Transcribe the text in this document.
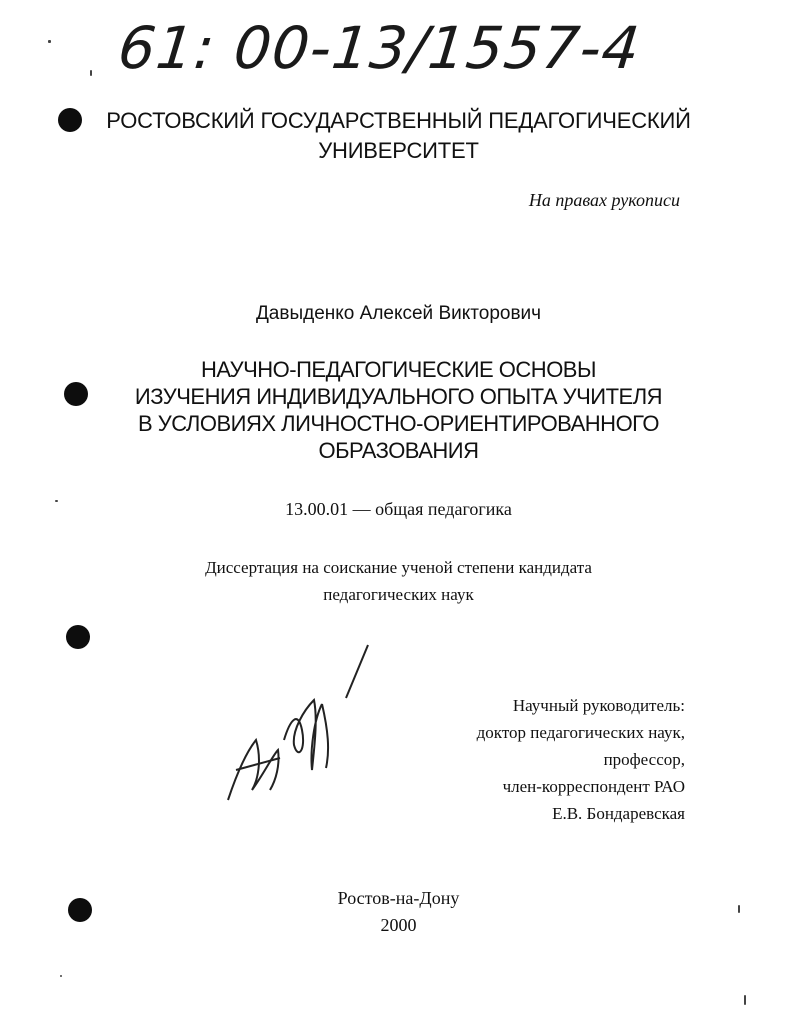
61: 00-13/1557-4
РОСТОВСКИЙ ГОСУДАРСТВЕННЫЙ ПЕДАГОГИЧЕСКИЙ
УНИВЕРСИТЕТ
На правах рукописи
Давыденко Алексей Викторович
НАУЧНО-ПЕДАГОГИЧЕСКИЕ ОСНОВЫ
ИЗУЧЕНИЯ ИНДИВИДУАЛЬНОГО ОПЫТА УЧИТЕЛЯ
В УСЛОВИЯХ ЛИЧНОСТНО-ОРИЕНТИРОВАННОГО
ОБРАЗОВАНИЯ
13.00.01 — общая педагогика
Диссертация на соискание ученой степени кандидата
педагогических наук
Научный руководитель:
доктор педагогических наук,
профессор,
член-корреспондент РАО
Е.В. Бондаревская
Ростов-на-Дону
2000
